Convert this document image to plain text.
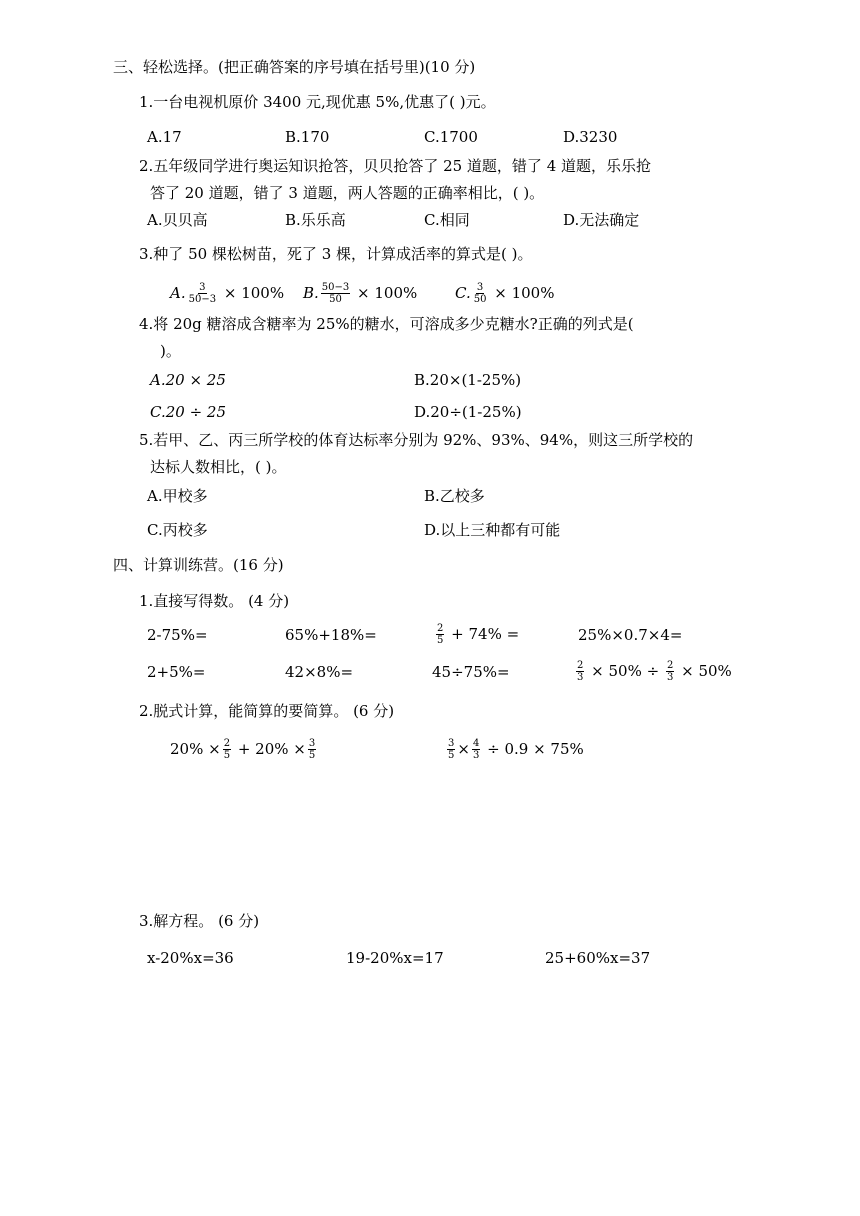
三、轻松选择。(把正确答案的序号填在括号里)(10 分)
1.一台电视机原价 3400 元,现优惠 5%,优惠了( )元。
A.17	B.170	C.1700	D.3230
2.五年级同学进行奥运知识抢答，贝贝抢答了 25 道题，错了 4 道题，乐乐抢
答了 20 道题，错了 3 道题，两人答题的正确率相比，( )。
A.贝贝高	B.乐乐高	C.相同	D.无法确定
3.种了 50 棵松树苗，死了 3 棵，计算成活率的算式是( )。
A. $\frac{3}{50-3} \times 100\%$ B. $\frac{50-3}{50} \times 100\%$	C. $\frac{3}{50} \times 100\%$
4.将 20g 糖溶成含糖率为 25%的糖水，可溶成多少克糖水?正确的列式是(
)。
A.20 × 25	B.20×(1-25%)
C.20 ÷ 25	D.20÷(1-25%)
5.若甲、乙、丙三所学校的体育达标率分别为 92%、93%、94%，则这三所学校的
达标人数相比，( )。
A.甲校多	B.乙校多
C.丙校多	D.以上三种都有可能
四、计算训练营。(16 分)
1.直接写得数。 (4 分)
2-75%=	65%+18%=	$\frac{2}{5} + 74\%$ =	25%×0.7×4=
2+5%=	42×8%=	45÷75%=	$\frac{2}{3} \times 50\% \div \frac{2}{3} \times 50\%$
2.脱式计算，能简算的要简算。 (6 分)
$20\% \times \frac{2}{5} + 20\% \times \frac{3}{5}$	$\frac{3}{5} \times \frac{4}{3} \div 0.9 \times 75\%$
3.解方程。 (6 分)
x-20%x=36	19-20%x=17	25+60%x=37
